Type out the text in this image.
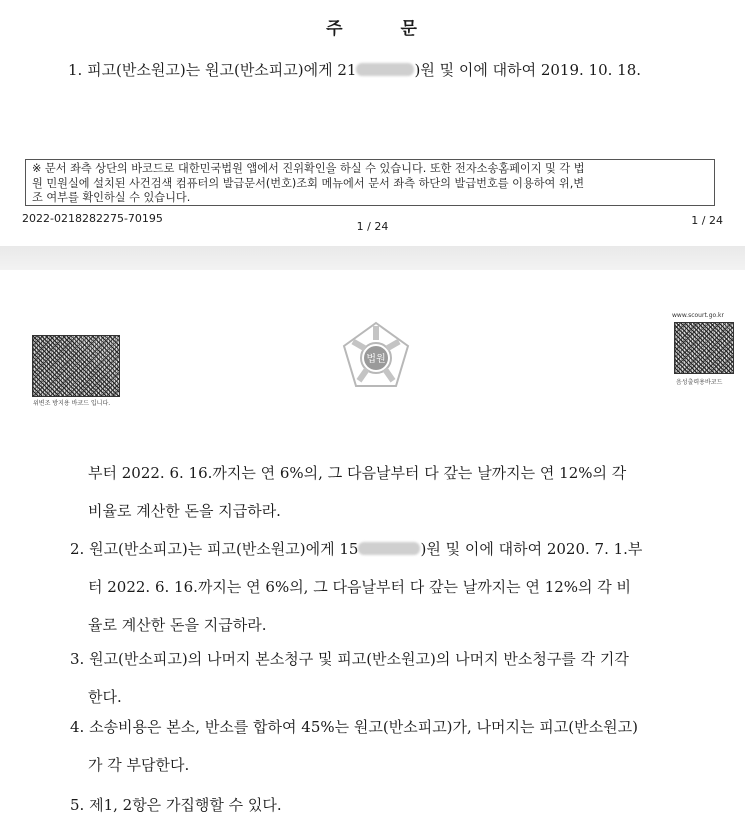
주	문
1. 피고(반소원고)는 원고(반소피고)에게 21	)원 및 이에 대하여 2019. 10. 18.
※ 문서 좌측 상단의 바코드로 대한민국법원 앱에서 진위확인을 하실 수 있습니다. 또한 전자소송홈페이지 및 각 법
원 민원실에 설치된 사건검색 컴퓨터의 발급문서(번호)조회 메뉴에서 문서 좌측 하단의 발급번호를 이용하여 위,변
조 여부를 확인하실 수 있습니다.
2022-0218282275-70195
1 / 24	1 / 24
위변조 방지용 바코드 입니다.
www.scourt.go.kr
음성출력용바코드
법원
부터 2022. 6. 16.까지는 연 6%의, 그 다음날부터 다 갚는 날까지는 연 12%의 각
비율로 계산한 돈을 지급하라.
2. 원고(반소피고)는 피고(반소원고)에게 15	)원 및 이에 대하여 2020. 7. 1.부
터 2022. 6. 16.까지는 연 6%의, 그 다음날부터 다 갚는 날까지는 연 12%의 각 비
율로 계산한 돈을 지급하라.
3. 원고(반소피고)의 나머지 본소청구 및 피고(반소원고)의 나머지 반소청구를 각 기각
한다.
4. 소송비용은 본소, 반소를 합하여 45%는 원고(반소피고)가, 나머지는 피고(반소원고)
가 각 부담한다.
5. 제1, 2항은 가집행할 수 있다.
